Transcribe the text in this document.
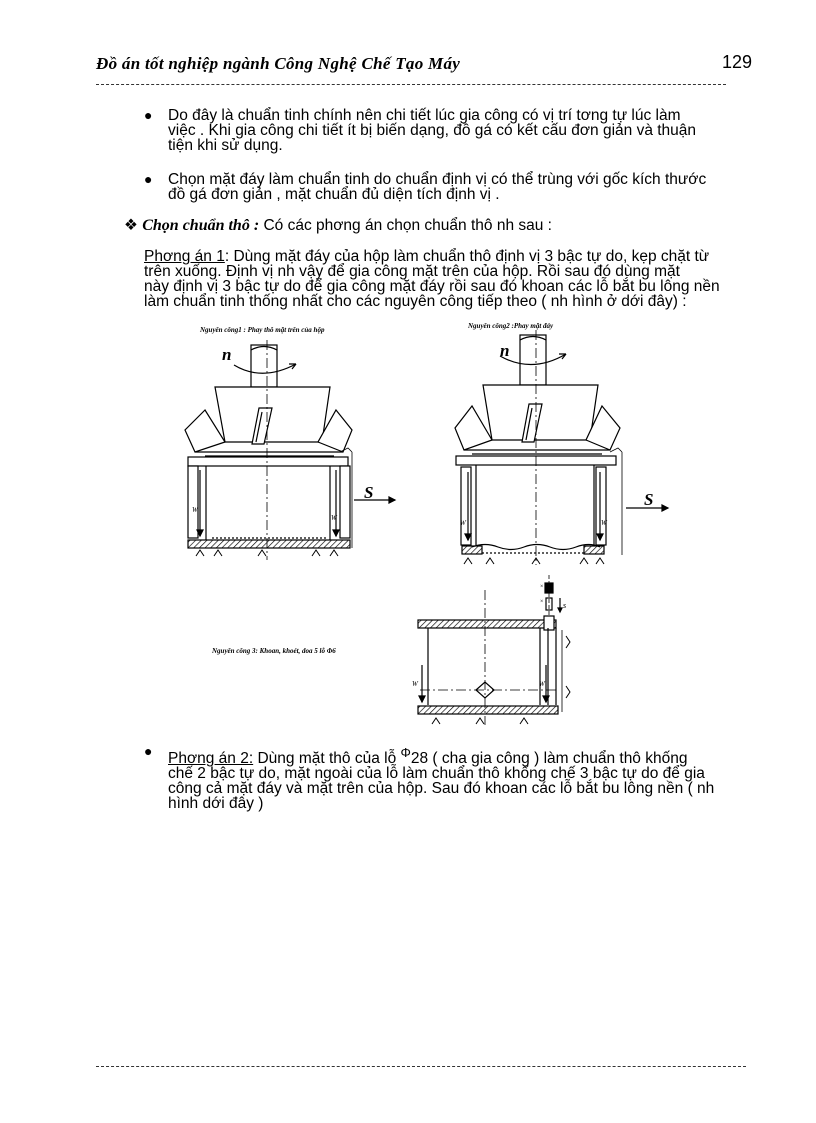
Đồ án tốt nghiệp ngành Công Nghệ Chế Tạo Máy	129
● Do đây là chuẩn tinh chính nên chi tiết lúc gia công có vị trí tơng tự lúc làm
việc . Khi gia công chi tiết ít bị biến dạng, đồ gá có kết cấu đơn giản và thuận
tiện khi sử dụng.
● Chọn mặt đáy làm chuẩn tinh do chuẩn định vị có thể trùng với gốc kích thước
đồ gá đơn giản , mặt chuẩn đủ diện tích định vị .
❖ Chọn chuẩn thô : Có các phơng án chọn chuẩn thô nh sau :
Phơng án 1: Dùng mặt đáy của hộp làm chuẩn thô định vị 3 bậc tự do, kẹp chặt từ
trên xuống. Định vị nh vậy để gia công mặt trên của hộp. Rồi sau đó dùng mặt
này định vị 3 bậc tự do để gia công mặt đáy rồi sau đó khoan các lỗ bắt bu lông nền
làm chuẩn tinh thống nhất cho các nguyên công tiếp theo ( nh hình ở dới đây) :
Nguyên công1 : Phay thô mặt trên của hộp	Nguyên công2 :Phay mặt đáy
Nguyên công 3: Khoan, khoét, doa 5 lỗ Φ6
n
S
W
W
n
S
W	W
×
× s
W	W
● Phơng án 2: Dùng mặt thô của lỗ $^\Phi$28 ( cha gia công ) làm chuẩn thô khống
chế 2 bậc tự do, mặt ngoài của lỗ làm chuẩn thô khống chế 3 bậc tự do để gia
công cả mặt đáy và mặt trên của hộp. Sau đó khoan các lỗ bắt bu lông nền ( nh
hình dới đây )
